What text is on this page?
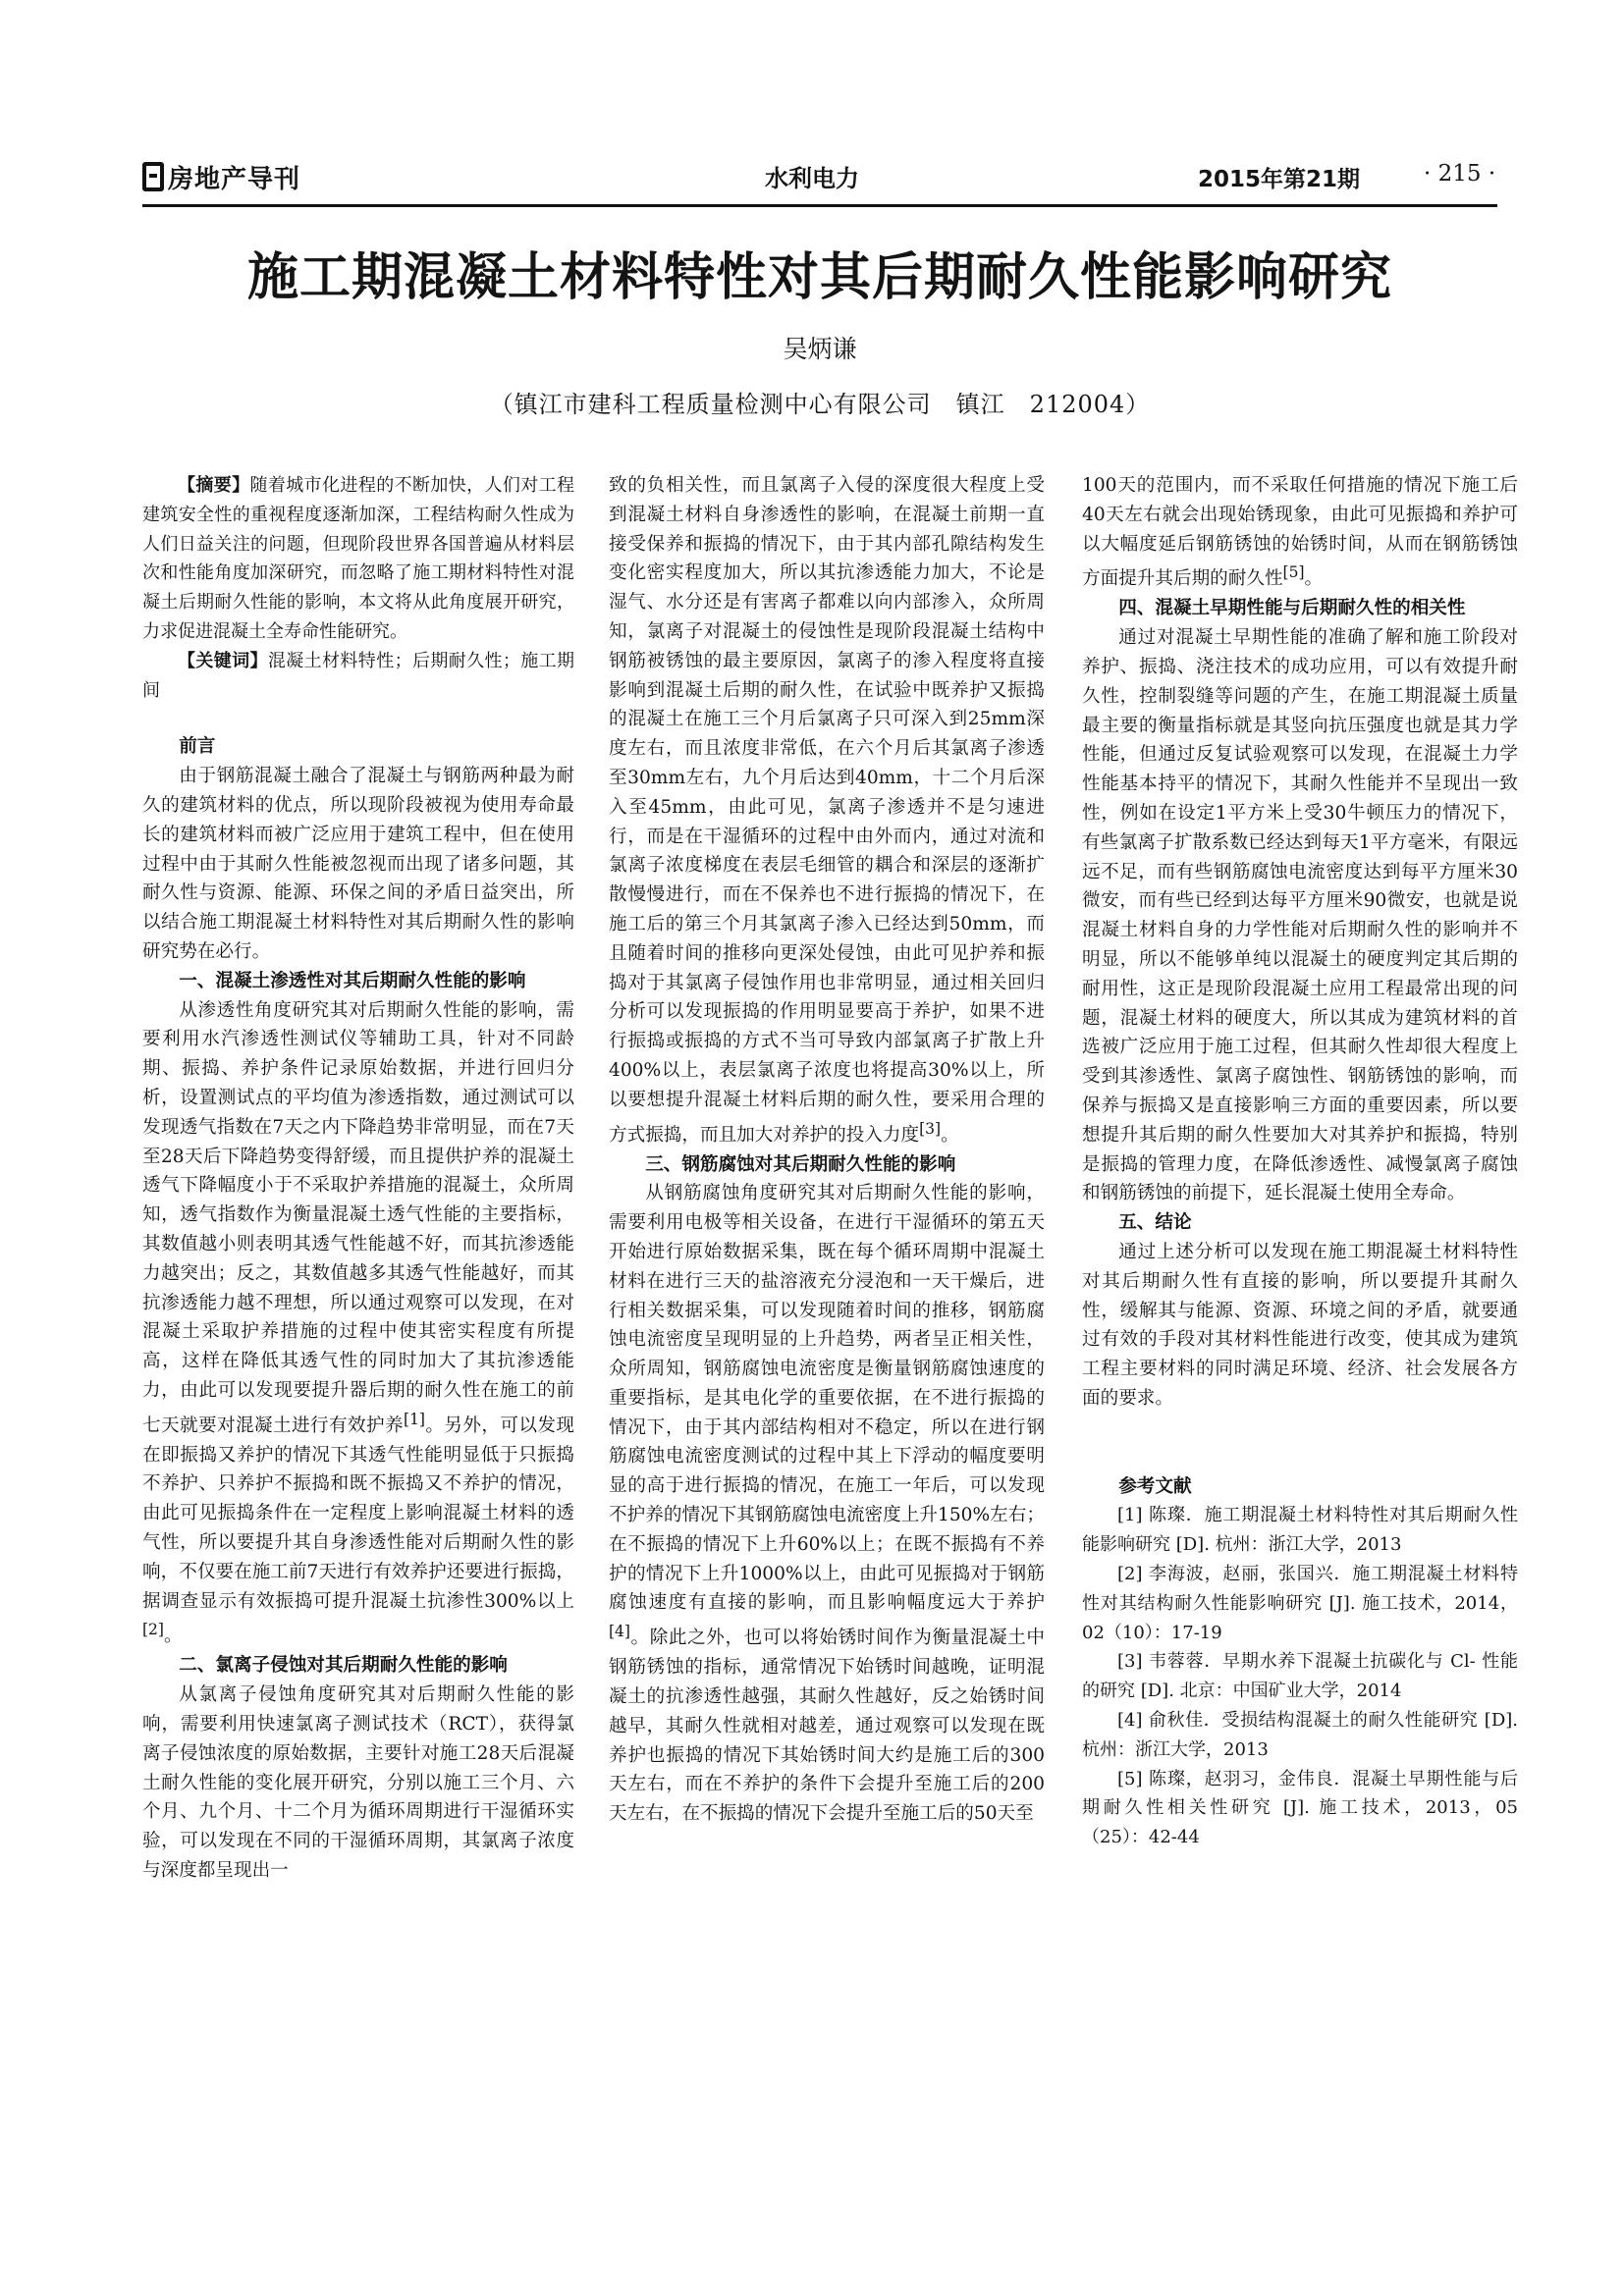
房地产导刊	水利电力	2015年第21期	· 215 ·
施工期混凝土材料特性对其后期耐久性能影响研究
吴炳谦
（镇江市建科工程质量检测中心有限公司　镇江　212004）

【摘要】随着城市化进程的不断加快，人们对工程建筑安全性的重视程度逐渐加深，工程结构耐久性成为人们日益关注的问题，但现阶段世界各国普遍从材料层次和性能角度加深研究，而忽略了施工期材料特性对混凝土后期耐久性能的影响，本文将从此角度展开研究，力求促进混凝土全寿命性能研究。

【关键词】混凝土材料特性；后期耐久性；施工期间

前言

由于钢筋混凝土融合了混凝土与钢筋两种最为耐久的建筑材料的优点，所以现阶段被视为使用寿命最长的建筑材料而被广泛应用于建筑工程中，但在使用过程中由于其耐久性能被忽视而出现了诸多问题，其耐久性与资源、能源、环保之间的矛盾日益突出，所以结合施工期混凝土材料特性对其后期耐久性的影响研究势在必行。

一、混凝土渗透性对其后期耐久性能的影响

从渗透性角度研究其对后期耐久性能的影响，需要利用水汽渗透性测试仪等辅助工具，针对不同龄期、振捣、养护条件记录原始数据，并进行回归分析，设置测试点的平均值为渗透指数，通过测试可以发现透气指数在7天之内下降趋势非常明显，而在7天至28天后下降趋势变得舒缓，而且提供护养的混凝土透气下降幅度小于不采取护养措施的混凝土，众所周知，透气指数作为衡量混凝土透气性能的主要指标，其数值越小则表明其透气性能越不好，而其抗渗透能力越突出；反之，其数值越多其透气性能越好，而其抗渗透能力越不理想，所以通过观察可以发现，在对混凝土采取护养措施的过程中使其密实程度有所提高，这样在降低其透气性的同时加大了其抗渗透能力，由此可以发现要提升器后期的耐久性在施工的前七天就要对混凝土进行有效护养[1]。另外，可以发现在即振捣又养护的情况下其透气性能明显低于只振捣不养护、只养护不振捣和既不振捣又不养护的情况，由此可见振捣条件在一定程度上影响混凝土材料的透气性，所以要提升其自身渗透性能对后期耐久性的影响，不仅要在施工前7天进行有效养护还要进行振捣，据调查显示有效振捣可提升混凝土抗渗性300%以上[2]。

二、氯离子侵蚀对其后期耐久性能的影响

从氯离子侵蚀角度研究其对后期耐久性能的影响，需要利用快速氯离子测试技术（RCT），获得氯离子侵蚀浓度的原始数据，主要针对施工28天后混凝土耐久性能的变化展开研究，分别以施工三个月、六个月、九个月、十二个月为循环周期进行干湿循环实验，可以发现在不同的干湿循环周期，其氯离子浓度与深度都呈现出一

致的负相关性，而且氯离子入侵的深度很大程度上受到混凝土材料自身渗透性的影响，在混凝土前期一直接受保养和振捣的情况下，由于其内部孔隙结构发生变化密实程度加大，所以其抗渗透能力加大，不论是湿气、水分还是有害离子都难以向内部渗入，众所周知，氯离子对混凝土的侵蚀性是现阶段混凝土结构中钢筋被锈蚀的最主要原因，氯离子的渗入程度将直接影响到混凝土后期的耐久性，在试验中既养护又振捣的混凝土在施工三个月后氯离子只可深入到25mm深度左右，而且浓度非常低，在六个月后其氯离子渗透至30mm左右，九个月后达到40mm，十二个月后深入至45mm，由此可见，氯离子渗透并不是匀速进行，而是在干湿循环的过程中由外而内，通过对流和氯离子浓度梯度在表层毛细管的耦合和深层的逐渐扩散慢慢进行，而在不保养也不进行振捣的情况下，在施工后的第三个月其氯离子渗入已经达到50mm，而且随着时间的推移向更深处侵蚀，由此可见护养和振捣对于其氯离子侵蚀作用也非常明显，通过相关回归分析可以发现振捣的作用明显要高于养护，如果不进行振捣或振捣的方式不当可导致内部氯离子扩散上升400%以上，表层氯离子浓度也将提高30%以上，所以要想提升混凝土材料后期的耐久性，要采用合理的方式振捣，而且加大对养护的投入力度[3]。

三、钢筋腐蚀对其后期耐久性能的影响

从钢筋腐蚀角度研究其对后期耐久性能的影响，需要利用电极等相关设备，在进行干湿循环的第五天开始进行原始数据采集，既在每个循环周期中混凝土材料在进行三天的盐溶液充分浸泡和一天干燥后，进行相关数据采集，可以发现随着时间的推移，钢筋腐蚀电流密度呈现明显的上升趋势，两者呈正相关性，众所周知，钢筋腐蚀电流密度是衡量钢筋腐蚀速度的重要指标，是其电化学的重要依据，在不进行振捣的情况下，由于其内部结构相对不稳定，所以在进行钢筋腐蚀电流密度测试的过程中其上下浮动的幅度要明显的高于进行振捣的情况，在施工一年后，可以发现不护养的情况下其钢筋腐蚀电流密度上升150%左右；在不振捣的情况下上升60%以上；在既不振捣有不养护的情况下上升1000%以上，由此可见振捣对于钢筋腐蚀速度有直接的影响，而且影响幅度远大于养护[4]。除此之外，也可以将始锈时间作为衡量混凝土中钢筋锈蚀的指标，通常情况下始锈时间越晚，证明混凝土的抗渗透性越强，其耐久性越好，反之始锈时间越早，其耐久性就相对越差，通过观察可以发现在既养护也振捣的情况下其始锈时间大约是施工后的300天左右，而在不养护的条件下会提升至施工后的200天左右，在不振捣的情况下会提升至施工后的50天至

100天的范围内，而不采取任何措施的情况下施工后40天左右就会出现始锈现象，由此可见振捣和养护可以大幅度延后钢筋锈蚀的始锈时间，从而在钢筋锈蚀方面提升其后期的耐久性[5]。

四、混凝土早期性能与后期耐久性的相关性

通过对混凝土早期性能的准确了解和施工阶段对养护、振捣、浇注技术的成功应用，可以有效提升耐久性，控制裂缝等问题的产生，在施工期混凝土质量最主要的衡量指标就是其竖向抗压强度也就是其力学性能，但通过反复试验观察可以发现，在混凝土力学性能基本持平的情况下，其耐久性能并不呈现出一致性，例如在设定1平方米上受30牛顿压力的情况下，有些氯离子扩散系数已经达到每天1平方毫米，有限远远不足，而有些钢筋腐蚀电流密度达到每平方厘米30微安，而有些已经到达每平方厘米90微安，也就是说混凝土材料自身的力学性能对后期耐久性的影响并不明显，所以不能够单纯以混凝土的硬度判定其后期的耐用性，这正是现阶段混凝土应用工程最常出现的问题，混凝土材料的硬度大，所以其成为建筑材料的首选被广泛应用于施工过程，但其耐久性却很大程度上受到其渗透性、氯离子腐蚀性、钢筋锈蚀的影响，而保养与振捣又是直接影响三方面的重要因素，所以要想提升其后期的耐久性要加大对其养护和振捣，特别是振捣的管理力度，在降低渗透性、减慢氯离子腐蚀和钢筋锈蚀的前提下，延长混凝土使用全寿命。

五、结论

通过上述分析可以发现在施工期混凝土材料特性对其后期耐久性有直接的影响，所以要提升其耐久性，缓解其与能源、资源、环境之间的矛盾，就要通过有效的手段对其材料性能进行改变，使其成为建筑工程主要材料的同时满足环境、经济、社会发展各方面的要求。

参考文献

[1] 陈璨．施工期混凝土材料特性对其后期耐久性能影响研究 [D]. 杭州：浙江大学，2013

[2] 李海波，赵丽，张国兴．施工期混凝土材料特性对其结构耐久性能影响研究 [J]. 施工技术，2014，02（10）：17-19

[3] 韦蓉蓉．早期水养下混凝土抗碳化与 Cl- 性能的研究 [D]. 北京：中国矿业大学，2014

[4] 俞秋佳．受损结构混凝土的耐久性能研究 [D]. 杭州：浙江大学，2013

[5] 陈璨，赵羽习，金伟良．混凝土早期性能与后期耐久性相关性研究 [J]. 施工技术，2013，05（25）：42-44
